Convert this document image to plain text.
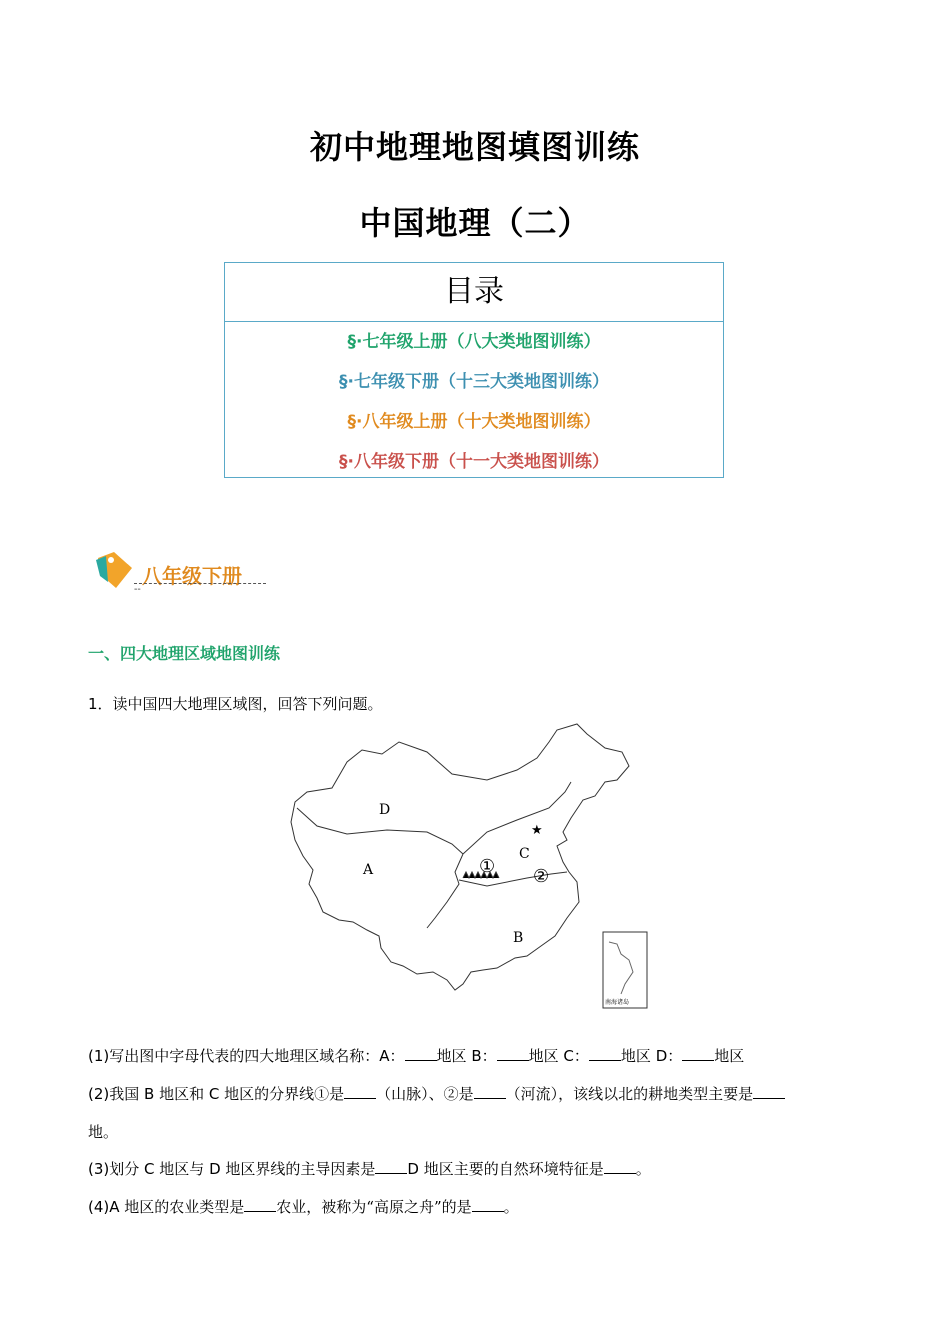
初中地理地图填图训练
中国地理（二）
目录
§·七年级上册（八大类地图训练）
§·七年级下册（十三大类地图训练）
§·八年级上册（十大类地图训练）
§·八年级下册（十一大类地图训练）
八年级下册
--
一、四大地理区域地图训练
1．读中国四大地理区域图，回答下列问题。
D
A
B
C
① ②
★
南海诸岛
(1)写出图中字母代表的四大地理区域名称：A： 地区 B： 地区 C： 地区 D： 地区
(2)我国 B 地区和 C 地区的分界线①是 （山脉）、②是 （河流），该线以北的耕地类型主要是
地。
(3)划分 C 地区与 D 地区界线的主导因素是 D 地区主要的自然环境特征是 。
(4)A 地区的农业类型是 农业，被称为“高原之舟”的是 。
